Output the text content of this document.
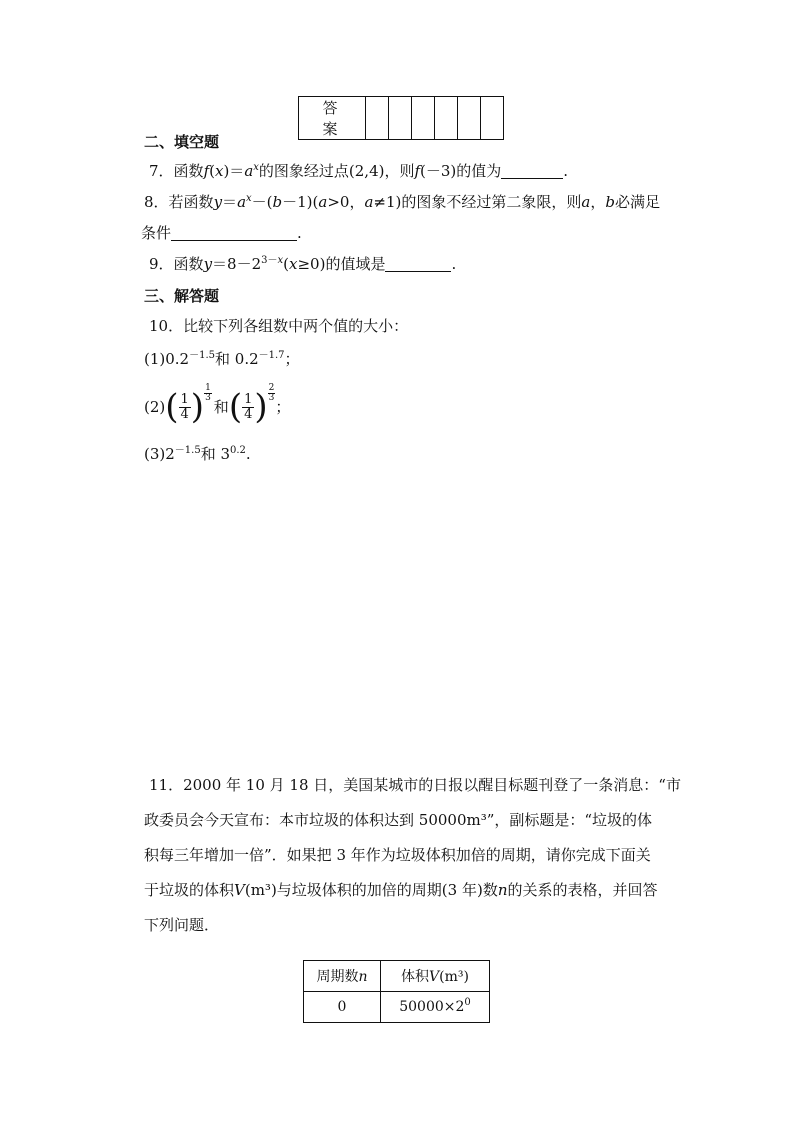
答 案						
二、填空题
7．函数$f(x)=a^x$的图象经过点(2,4)，则f(－3)的值为	.
8．若函数$y=a^x-(b-1)(a>0$，a≠1)的图象不经过第二象限，则a，b必满足
条件	.
9．函数$y=8-2^{3-x}(x\ge 0)$的值域是	.
三、解答题
10．比较下列各组数中两个值的大小：
$(1)0.2^{-1.5}$和 $0.2^{-1.7}$；
(2) ( $\frac{1}{4}$ ) 1
3
和 ( $\frac{1}{4}$ ) 2
3
；
$(3)2^{-1.5}$和 $3^{0.2}$.
11．2000 年 10 月 18 日，美国某城市的日报以醒目标题刊登了一条消息：“市
政委员会今天宣布：本市垃圾的体积达到 50000m³”，副标题是：“垃圾的体
积每三年增加一倍”．如果把 3 年作为垃圾体积加倍的周期，请你完成下面关
于垃圾的体积V(m³)与垃圾体积的加倍的周期(3 年)数n的关系的表格，并回答
下列问题．
周期数n	体积V(m³)
0	$50000\times 2^0$
